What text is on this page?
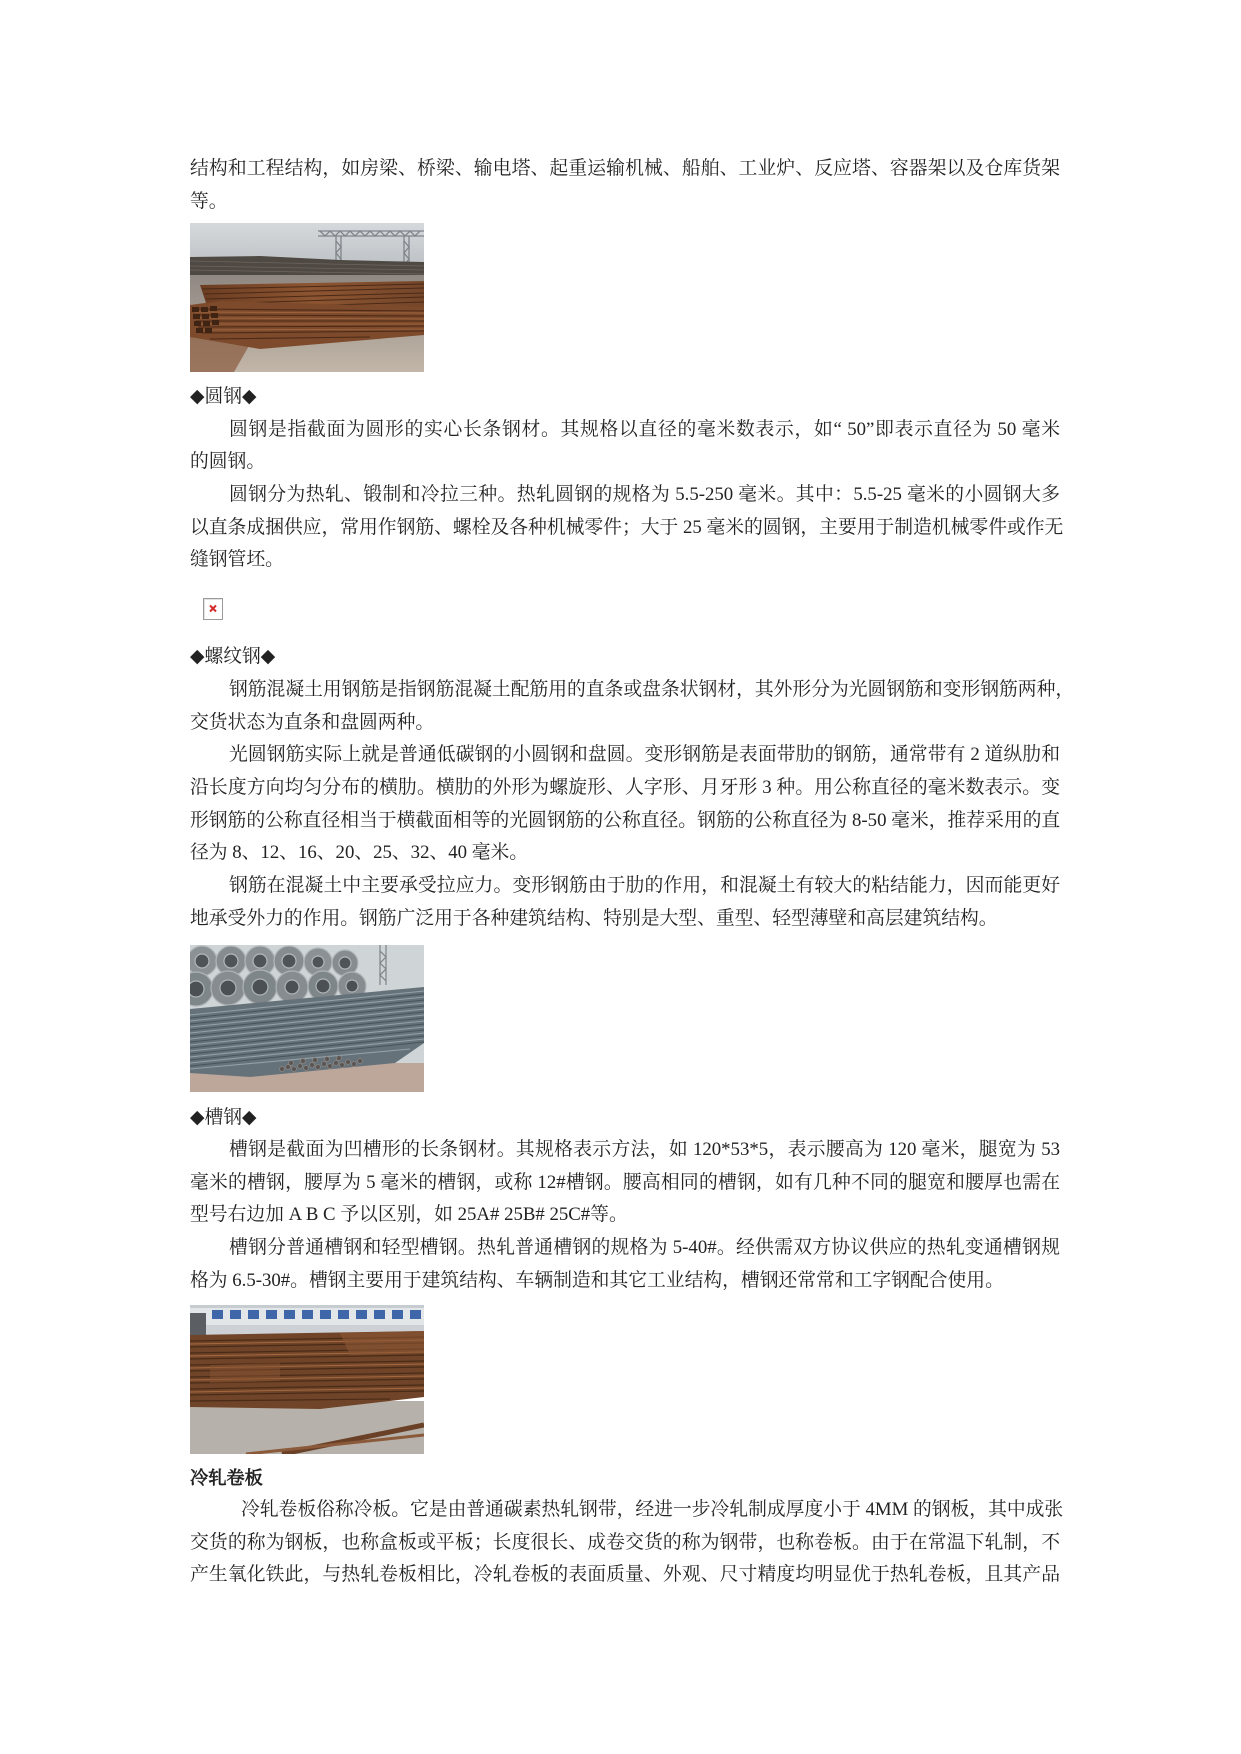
结构和工程结构，如房梁、桥梁、输电塔、起重运输机械、船舶、工业炉、反应塔、容器架以及仓库货架
等。
◆圆钢◆
圆钢是指截面为圆形的实心长条钢材。其规格以直径的毫米数表示，如“ 50”即表示直径为 50 毫米
的圆钢。
圆钢分为热轧、锻制和冷拉三种。热轧圆钢的规格为 5.5-250 毫米。其中：5.5-25 毫米的小圆钢大多
以直条成捆供应，常用作钢筋、螺栓及各种机械零件；大于 25 毫米的圆钢，主要用于制造机械零件或作无
缝钢管坯。
◆螺纹钢◆
钢筋混凝土用钢筋是指钢筋混凝土配筋用的直条或盘条状钢材，其外形分为光圆钢筋和变形钢筋两种，
交货状态为直条和盘圆两种。
光圆钢筋实际上就是普通低碳钢的小圆钢和盘圆。变形钢筋是表面带肋的钢筋，通常带有 2 道纵肋和
沿长度方向均匀分布的横肋。横肋的外形为螺旋形、人字形、月牙形 3 种。用公称直径的毫米数表示。变
形钢筋的公称直径相当于横截面相等的光圆钢筋的公称直径。钢筋的公称直径为 8-50 毫米，推荐采用的直
径为 8、12、16、20、25、32、40 毫米。
钢筋在混凝土中主要承受拉应力。变形钢筋由于肋的作用，和混凝土有较大的粘结能力，因而能更好
地承受外力的作用。钢筋广泛用于各种建筑结构、特别是大型、重型、轻型薄壁和高层建筑结构。
◆槽钢◆
槽钢是截面为凹槽形的长条钢材。其规格表示方法，如 120*53*5，表示腰高为 120 毫米，腿宽为 53
毫米的槽钢，腰厚为 5 毫米的槽钢，或称 12#槽钢。腰高相同的槽钢，如有几种不同的腿宽和腰厚也需在
型号右边加 A B C 予以区别，如 25A# 25B# 25C#等。
槽钢分普通槽钢和轻型槽钢。热轧普通槽钢的规格为 5-40#。经供需双方协议供应的热轧变通槽钢规
格为 6.5-30#。槽钢主要用于建筑结构、车辆制造和其它工业结构，槽钢还常常和工字钢配合使用。
冷轧卷板
冷轧卷板俗称冷板。它是由普通碳素热轧钢带，经进一步冷轧制成厚度小于 4MM 的钢板，其中成张
交货的称为钢板，也称盒板或平板；长度很长、成卷交货的称为钢带，也称卷板。由于在常温下轧制，不
产生氧化铁此，与热轧卷板相比，冷轧卷板的表面质量、外观、尺寸精度均明显优于热轧卷板，且其产品
